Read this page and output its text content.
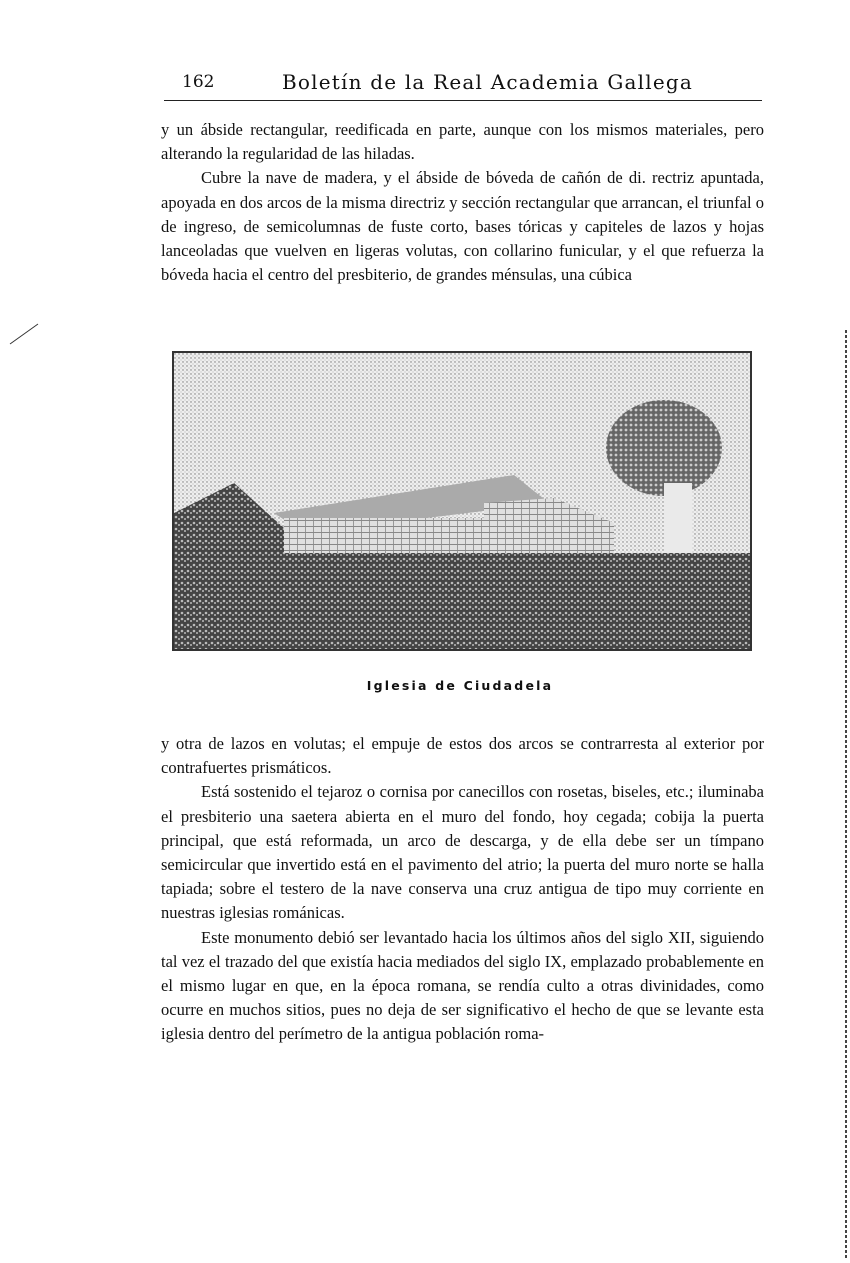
162	Boletín de la Real Academia Gallega

y un ábside rectangular, reedificada en parte, aunque con los mismos materiales, pero alterando la regularidad de las hiladas.

Cubre la nave de madera, y el ábside de bóveda de cañón de di. rectriz apuntada, apoyada en dos arcos de la misma directriz y sección rectangular que arrancan, el triunfal o de ingreso, de semicolumnas de fuste corto, bases tóricas y capiteles de lazos y hojas lanceoladas que vuelven en ligeras volutas, con collarino funicular, y el que refuerza la bóveda hacia el centro del presbiterio, de grandes ménsulas, una cúbica

Iglesia de Ciudadela

y otra de lazos en volutas; el empuje de estos dos arcos se contrarresta al exterior por contrafuertes prismáticos.

Está sostenido el tejaroz o cornisa por canecillos con rosetas, biseles, etc.; iluminaba el presbiterio una saetera abierta en el muro del fondo, hoy cegada; cobija la puerta principal, que está reformada, un arco de descarga, y de ella debe ser un tímpano semicircular que invertido está en el pavimento del atrio; la puerta del muro norte se halla tapiada; sobre el testero de la nave conserva una cruz antigua de tipo muy corriente en nuestras iglesias románicas.

Este monumento debió ser levantado hacia los últimos años del siglo XII, siguiendo tal vez el trazado del que existía hacia mediados del siglo IX, emplazado probablemente en el mismo lugar en que, en la época romana, se rendía culto a otras divinidades, como ocurre en muchos sitios, pues no deja de ser significativo el hecho de que se levante esta iglesia dentro del perímetro de la antigua población roma-
